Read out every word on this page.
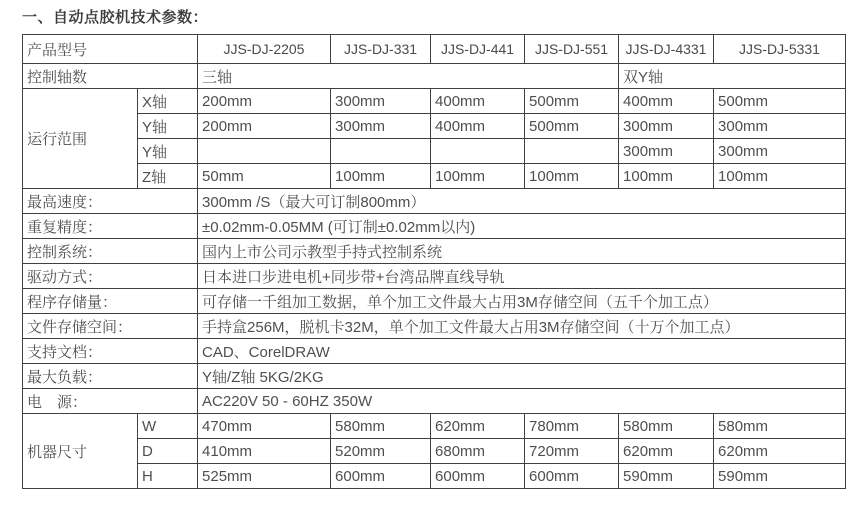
一、自动点胶机技术参数：
产品型号		JJS-DJ-2205	JJS-DJ-331	JJS-DJ-441	JJS-DJ-551	JJS-DJ-4331	JJS-DJ-5331
控制轴数		三轴				双Y轴	
运行范围	X轴	200mm	300mm	400mm	500mm	400mm	500mm
	Y轴	200mm	300mm	400mm	500mm	300mm	300mm
	Y轴					300mm	300mm
	Z轴	50mm	100mm	100mm	100mm	100mm	100mm
最高速度：		300mm /S（最大可订制800mm）					
重复精度：		±0.02mm-0.05MM (可订制±0.02mm以内)					
控制系统：		国内上市公司示教型手持式控制系统					
驱动方式：		日本进口步进电机+同步带+台湾品牌直线导轨					
程序存储量：		可存储一千组加工数据，单个加工文件最大占用3M存储空间（五千个加工点）					
文件存储空间：		手持盒256M，脱机卡32M，单个加工文件最大占用3M存储空间（十万个加工点）					
支持文档：		CAD、CorelDRAW					
最大负载：		Y轴/Z轴 5KG/2KG					
电　源：		AC220V 50 - 60HZ 350W					
机器尺寸	W	470mm	580mm	620mm	780mm	580mm	580mm
	D	410mm	520mm	680mm	720mm	620mm	620mm
	H	525mm	600mm	600mm	600mm	590mm	590mm
